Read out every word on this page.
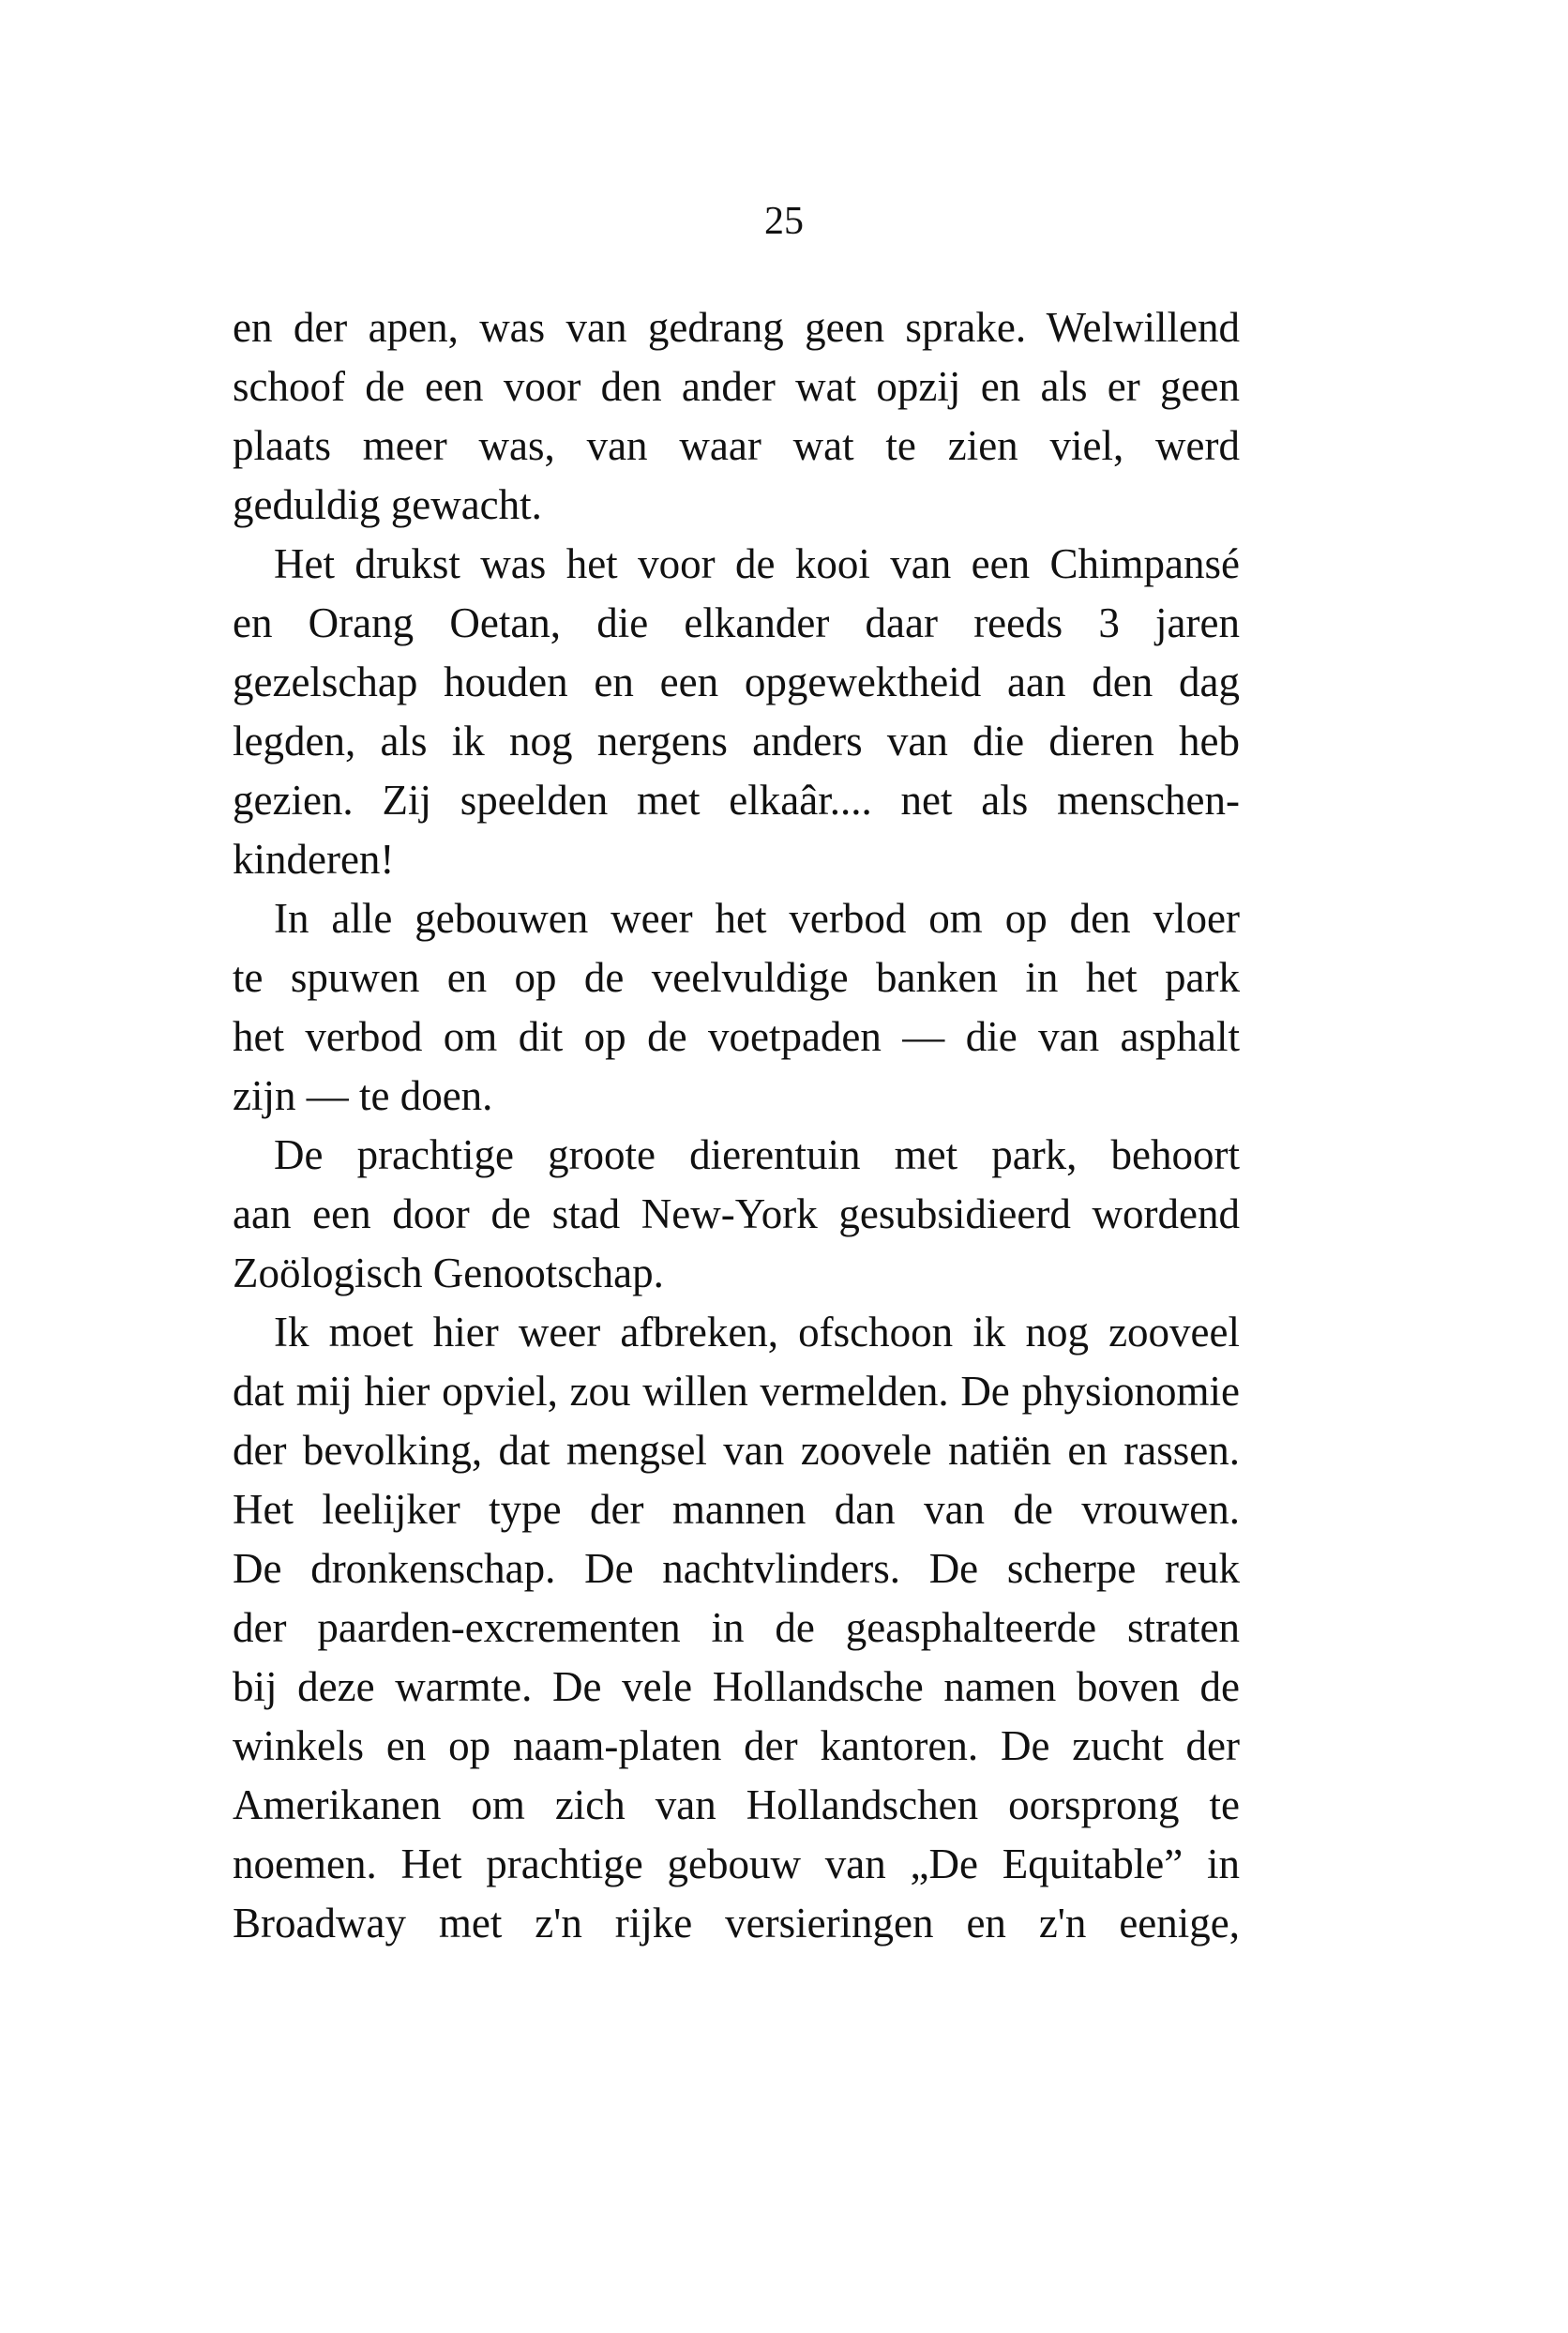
25
en der apen, was van gedrang geen sprake. Welwillend
schoof de een voor den ander wat opzij en als er geen
plaats meer was, van waar wat te zien viel, werd
geduldig gewacht.
Het drukst was het voor de kooi van een Chimpansé
en Orang Oetan, die elkander daar reeds 3 jaren
gezelschap houden en een opgewektheid aan den dag
legden, als ik nog nergens anders van die dieren heb
gezien. Zij speelden met elkaâr.... net als menschen-
kinderen!
In alle gebouwen weer het verbod om op den vloer
te spuwen en op de veelvuldige banken in het park
het verbod om dit op de voetpaden — die van asphalt
zijn — te doen.
De prachtige groote dierentuin met park, behoort
aan een door de stad New-York gesubsidieerd wordend
Zoölogisch Genootschap.
Ik moet hier weer afbreken, ofschoon ik nog zooveel
dat mij hier opviel, zou willen vermelden. De physionomie
der bevolking, dat mengsel van zoovele natiën en rassen.
Het leelijker type der mannen dan van de vrouwen.
De dronkenschap. De nachtvlinders. De scherpe reuk
der paarden-excrementen in de geasphalteerde straten
bij deze warmte. De vele Hollandsche namen boven de
winkels en op naam-platen der kantoren. De zucht der
Amerikanen om zich van Hollandschen oorsprong te
noemen. Het prachtige gebouw van „De Equitable” in
Broadway met z'n rijke versieringen en z'n eenige,
